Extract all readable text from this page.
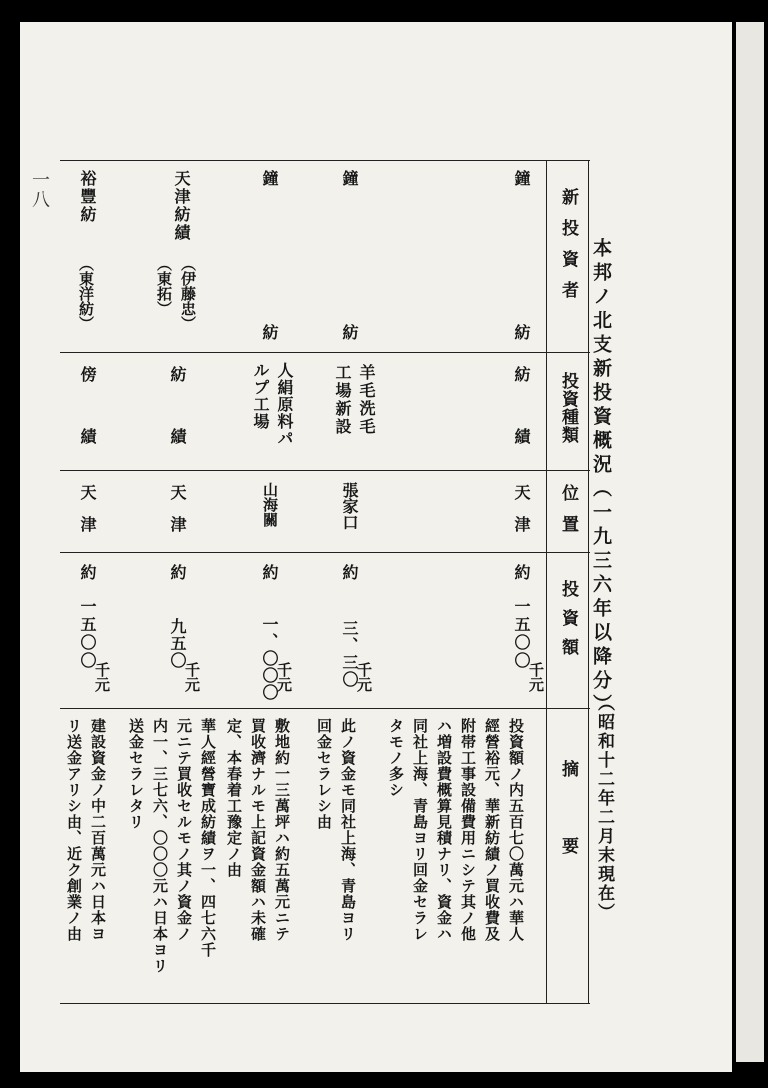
一八
本邦ノ北支新投資概況（一九三六年以降分）
（昭和十二年二月末現在）
新投資者
投資種類
位置
投資額
摘要
鐘
紡
紡績
天津
約
一五〇〇
千元
投資額ノ内五百七〇萬元ハ華人
經營裕元、華新紡績ノ買收費及
附帯工事設備費用ニシテ其ノ他
ハ増設費概算見積ナリ、資金ハ
同社上海、青島ヨリ回金セラレ
タモノ多シ
鐘
紡
羊毛洗毛
工場新設
張家口
約
三、三〇
千元
此ノ資金モ同社上海、青島ヨリ
回金セラレシ由
鐘
紡
人絹原料パ
ルプ工場
山海關
約
一、〇〇〇
千元
敷地約一三萬坪ハ約五萬元ニテ
買收濟ナルモ上記資金額ハ未確
定、本春着工豫定ノ由
天津紡績
（伊藤忠）（東拓）
紡績
天津
約
九五〇
千元
華人經營寶成紡績ヲ一、四七六千
元ニテ買收セルモノ其ノ資金ノ
内一、三七六、〇〇〇元ハ日本ヨリ
送金セラレタリ
裕豐紡
（東洋紡）
傍績
天津
約
一五〇〇
千元
建設資金ノ中二百萬元ハ日本ヨ
リ送金アリシ由、近ク創業ノ由
